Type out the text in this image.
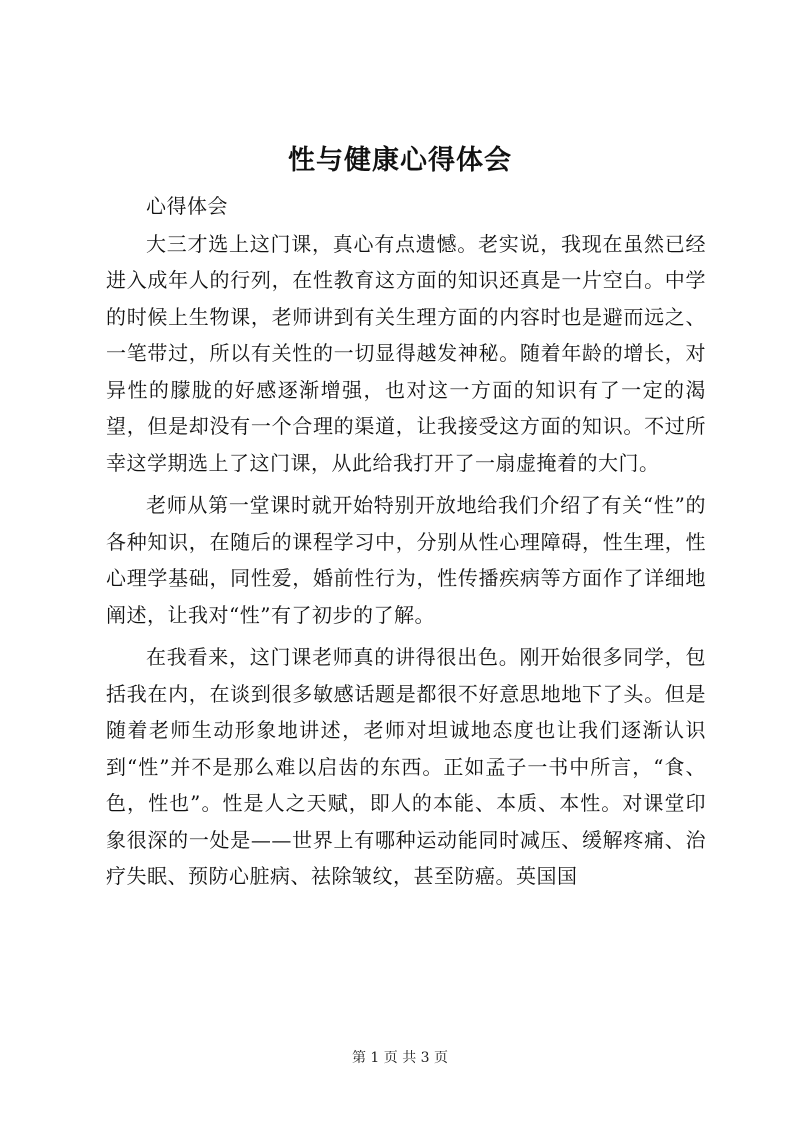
性与健康心得体会

心得体会

大三才选上这门课，真心有点遗憾。老实说，我现在虽然已经进入成年人的行列，在性教育这方面的知识还真是一片空白。中学的时候上生物课，老师讲到有关生理方面的内容时也是避而远之、一笔带过，所以有关性的一切显得越发神秘。随着年龄的增长，对异性的朦胧的好感逐渐增强，也对这一方面的知识有了一定的渴望，但是却没有一个合理的渠道，让我接受这方面的知识。不过所幸这学期选上了这门课，从此给我打开了一扇虚掩着的大门。

老师从第一堂课时就开始特别开放地给我们介绍了有关“性”的各种知识，在随后的课程学习中，分别从性心理障碍，性生理，性心理学基础，同性爱，婚前性行为，性传播疾病等方面作了详细地阐述，让我对“性”有了初步的了解。

在我看来，这门课老师真的讲得很出色。刚开始很多同学，包括我在内，在谈到很多敏感话题是都很不好意思地地下了头。但是随着老师生动形象地讲述，老师对坦诚地态度也让我们逐渐认识到“性”并不是那么难以启齿的东西。正如孟子一书中所言，“食、色，性也”。性是人之天赋，即人的本能、本质、本性。对课堂印象很深的一处是——世界上有哪种运动能同时减压、缓解疼痛、治疗失眠、预防心脏病、祛除皱纹，甚至防癌。英国国

第 1 页 共 3 页
